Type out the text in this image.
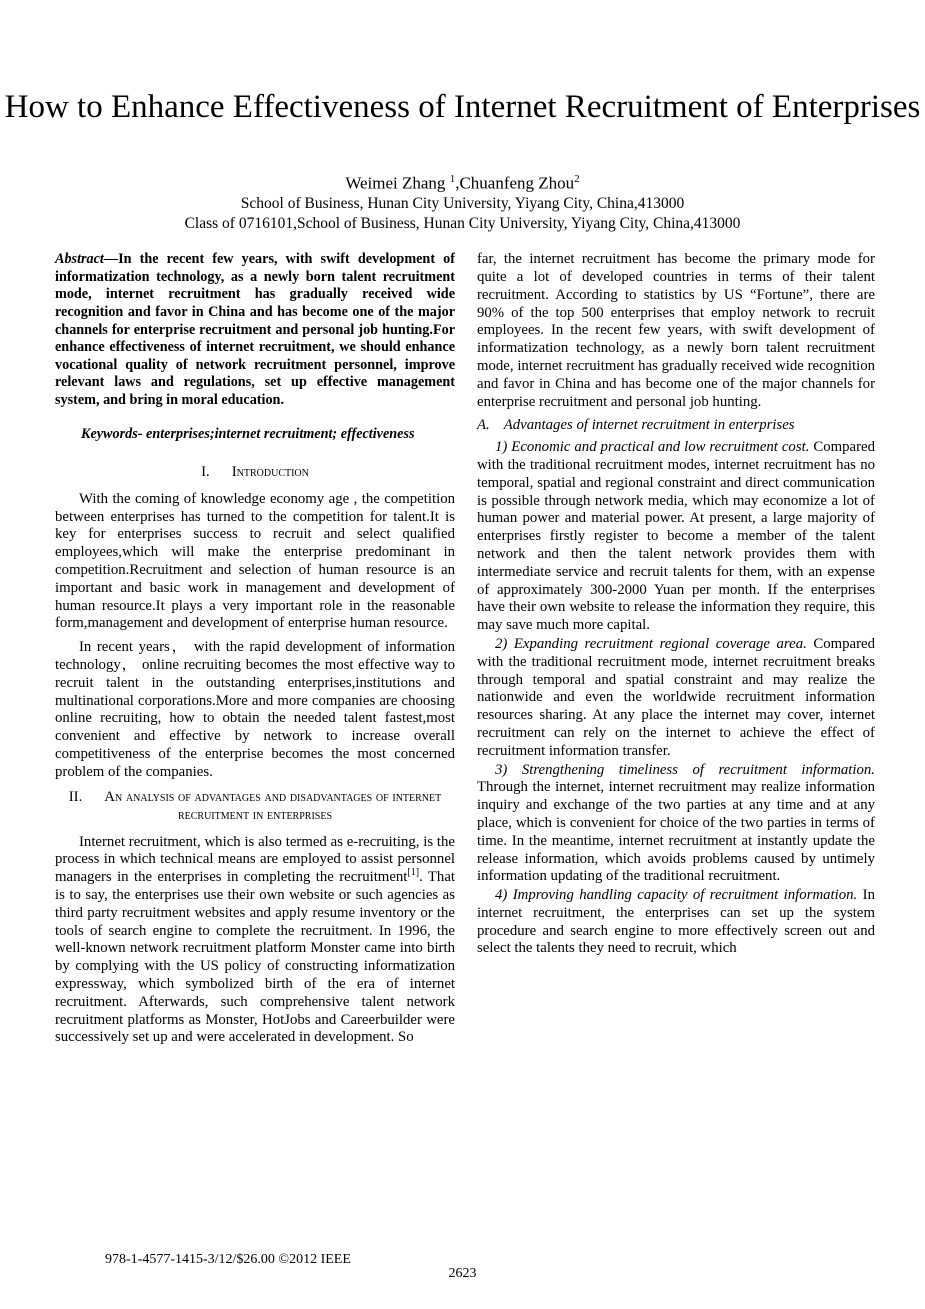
How to Enhance Effectiveness of Internet Recruitment of Enterprises
Weimei Zhang $^1$,Chuanfeng Zhou$^2$
School of Business, Hunan City University, Yiyang City, China,413000
Class of 0716101,School of Business, Hunan City University, Yiyang City, China,413000

Abstract—In the recent few years, with swift development of informatization technology, as a newly born talent recruitment mode, internet recruitment has gradually received wide recognition and favor in China and has become one of the major channels for enterprise recruitment and personal job hunting.For enhance effectiveness of internet recruitment, we should enhance vocational quality of network recruitment personnel, improve relevant laws and regulations, set up effective management system, and bring in moral education.

Keywords- enterprises;internet recruitment; effectiveness

I. Introduction

With the coming of knowledge economy age , the competition between enterprises has turned to the competition for talent.It is key for enterprises success to recruit and select qualified employees,which will make the enterprise predominant in competition.Recruitment and selection of human resource is an important and basic work in management and development of human resource.It plays a very important role in the reasonable form,management and development of enterprise human resource.

In recent years， with the rapid development of information technology， online recruiting becomes the most effective way to recruit talent in the outstanding enterprises,institutions and multinational corporations.More and more companies are choosing online recruiting, how to obtain the needed talent fastest,most convenient and effective by network to increase overall competitiveness of the enterprise becomes the most concerned problem of the companies.

II. An analysis of advantages and disadvantages of internet recruitment in enterprises

Internet recruitment, which is also termed as e-recruiting, is the process in which technical means are employed to assist personnel managers in the enterprises in completing the recruitment[1]. That is to say, the enterprises use their own website or such agencies as third party recruitment websites and apply resume inventory or the tools of search engine to complete the recruitment. In 1996, the well-known network recruitment platform Monster came into birth by complying with the US policy of constructing informatization expressway, which symbolized birth of the era of internet recruitment. Afterwards, such comprehensive talent network recruitment platforms as Monster, HotJobs and Careerbuilder were successively set up and were accelerated in development. So

far, the internet recruitment has become the primary mode for quite a lot of developed countries in terms of their talent recruitment. According to statistics by US “Fortune”, there are 90% of the top 500 enterprises that employ network to recruit employees. In the recent few years, with swift development of informatization technology, as a newly born talent recruitment mode, internet recruitment has gradually received wide recognition and favor in China and has become one of the major channels for enterprise recruitment and personal job hunting.

A. Advantages of internet recruitment in enterprises

1) Economic and practical and low recruitment cost. Compared with the traditional recruitment modes, internet recruitment has no temporal, spatial and regional constraint and direct communication is possible through network media, which may economize a lot of human power and material power. At present, a large majority of enterprises firstly register to become a member of the talent network and then the talent network provides them with intermediate service and recruit talents for them, with an expense of approximately 300-2000 Yuan per month. If the enterprises have their own website to release the information they require, this may save much more capital.

2) Expanding recruitment regional coverage area. Compared with the traditional recruitment mode, internet recruitment breaks through temporal and spatial constraint and may realize the nationwide and even the worldwide recruitment information resources sharing. At any place the internet may cover, internet recruitment can rely on the internet to achieve the effect of recruitment information transfer.

3) Strengthening timeliness of recruitment information. Through the internet, internet recruitment may realize information inquiry and exchange of the two parties at any time and at any place, which is convenient for choice of the two parties in terms of time. In the meantime, internet recruitment at instantly update the release information, which avoids problems caused by untimely information updating of the traditional recruitment.

4) Improving handling capacity of recruitment information. In internet recruitment, the enterprises can set up the system procedure and search engine to more effectively screen out and select the talents they need to recruit, which

978-1-4577-1415-3/12/$26.00 ©2012 IEEE
2623
